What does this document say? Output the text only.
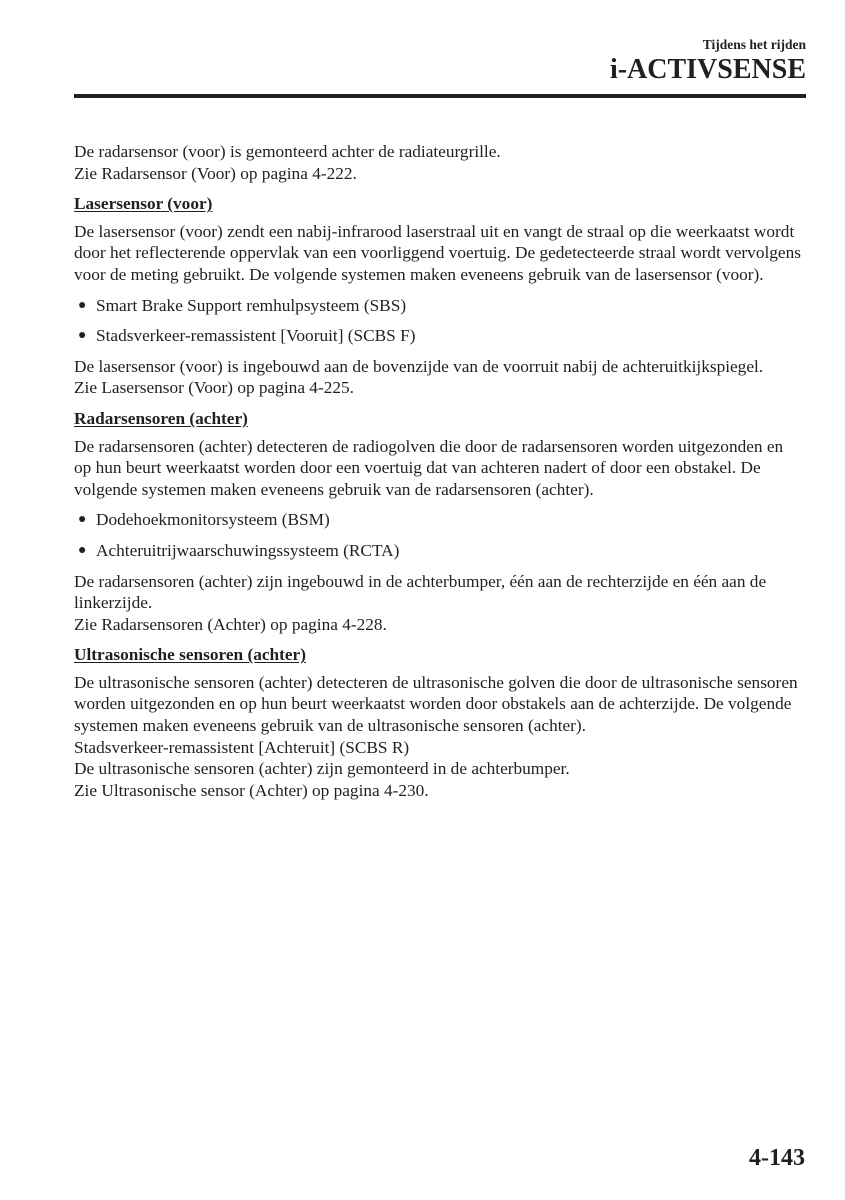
Tijdens het rijden
i-ACTIVSENSE
De radarsensor (voor) is gemonteerd achter de radiateurgrille.

Zie Radarsensor (Voor) op pagina 4-222.

Lasersensor (voor)

De lasersensor (voor) zendt een nabij-infrarood laserstraal uit en vangt de straal op die weerkaatst wordt door het reflecterende oppervlak van een voorliggend voertuig. De gedetecteerde straal wordt vervolgens voor de meting gebruikt. De volgende systemen maken eveneens gebruik van de lasersensor (voor).

● Smart Brake Support remhulpsysteem (SBS)
● Stadsverkeer-remassistent [Vooruit] (SCBS F)
De lasersensor (voor) is ingebouwd aan de bovenzijde van de voorruit nabij de achteruitkijkspiegel.

Zie Lasersensor (Voor) op pagina 4-225.

Radarsensoren (achter)

De radarsensoren (achter) detecteren de radiogolven die door de radarsensoren worden uitgezonden en op hun beurt weerkaatst worden door een voertuig dat van achteren nadert of door een obstakel. De volgende systemen maken eveneens gebruik van de radarsensoren (achter).

● Dodehoekmonitorsysteem (BSM)
● Achteruitrijwaarschuwingssysteem (RCTA)
De radarsensoren (achter) zijn ingebouwd in de achterbumper, één aan de rechterzijde en één aan de linkerzijde.

Zie Radarsensoren (Achter) op pagina 4-228.

Ultrasonische sensoren (achter)
De ultrasonische sensoren (achter) detecteren de ultrasonische golven die door de ultrasonische sensoren worden uitgezonden en op hun beurt weerkaatst worden door obstakels aan de achterzijde. De volgende systemen maken eveneens gebruik van de ultrasonische sensoren (achter).
Stadsverkeer-remassistent [Achteruit] (SCBS R)
De ultrasonische sensoren (achter) zijn gemonteerd in de achterbumper.

Zie Ultrasonische sensor (Achter) op pagina 4-230.

4-143
